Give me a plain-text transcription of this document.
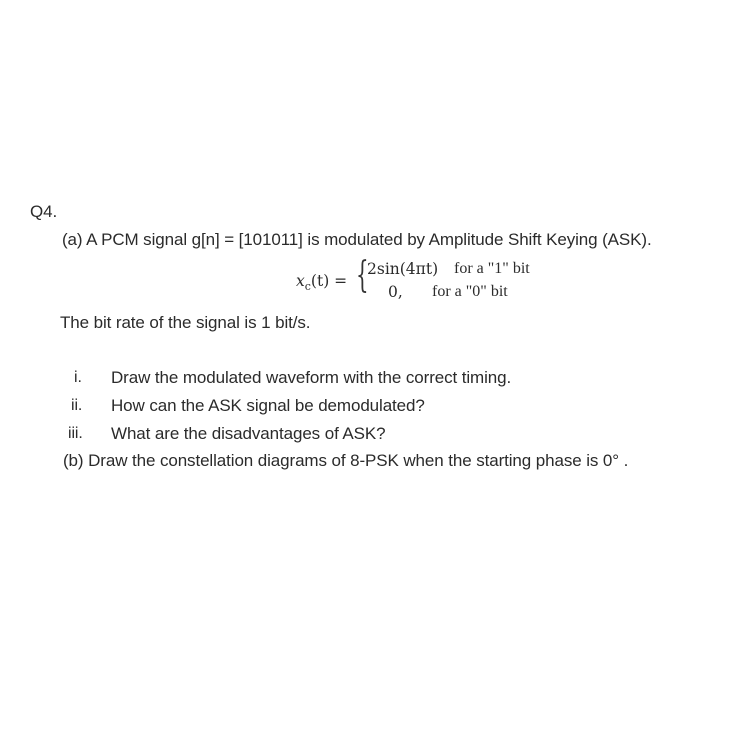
Q4.
(a) A PCM signal g[n] = [101011] is modulated by Amplitude Shift Keying (ASK).
$x_c(t)$ = {
2sin(4πt) for a "1" bit
0, for a "0" bit
The bit rate of the signal is 1 bit/s.
i. Draw the modulated waveform with the correct timing.
ii. How can the ASK signal be demodulated?
iii. What are the disadvantages of ASK?
(b) Draw the constellation diagrams of 8-PSK when the starting phase is 0° .
